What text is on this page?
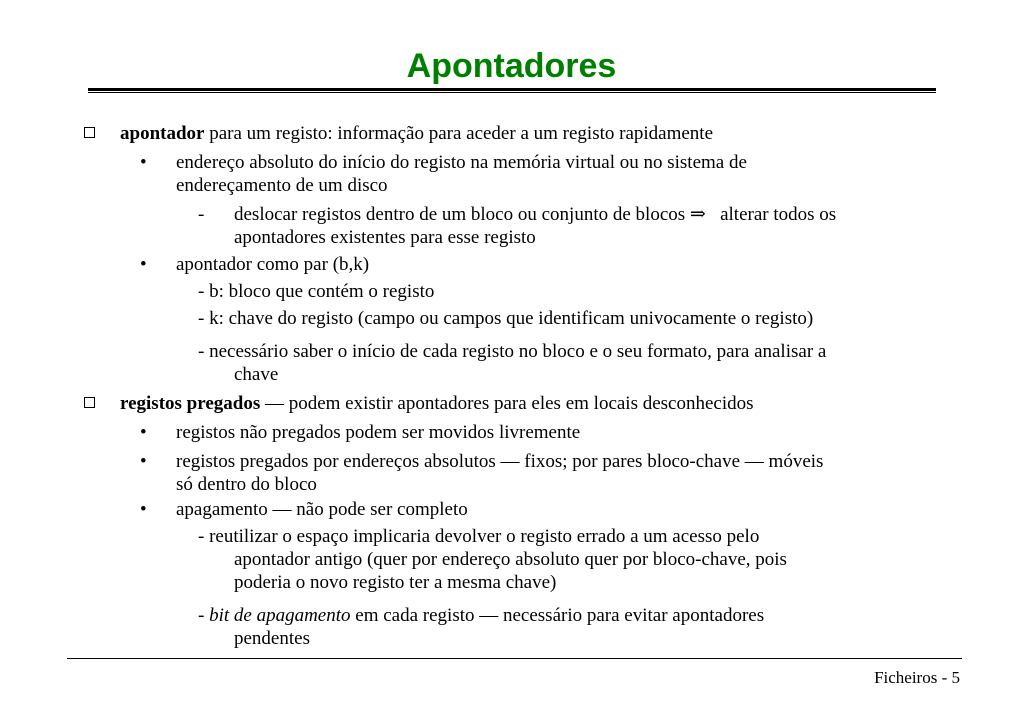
Apontadores
apontador para um registo: informação para aceder a um registo rapidamente
• endereço absoluto do início do registo na memória virtual ou no sistema de
endereçamento de um disco
- deslocar registos dentro de um bloco ou conjunto de blocos ⇒   alterar todos os
apontadores existentes para esse registo
• apontador como par (b,k)
- b: bloco que contém o registo
- k: chave do registo (campo ou campos que identificam univocamente o registo)
- necessário saber o início de cada registo no bloco e o seu formato, para analisar a
chave
registos pregados — podem existir apontadores para eles em locais desconhecidos
• registos não pregados podem ser movidos livremente
• registos pregados por endereços absolutos — fixos; por pares bloco-chave — móveis
só dentro do bloco
• apagamento — não pode ser completo
- reutilizar o espaço implicaria devolver o registo errado a um acesso pelo
apontador antigo (quer por endereço absoluto quer por bloco-chave, pois
poderia o novo registo ter a mesma chave)
- bit de apagamento em cada registo — necessário para evitar apontadores
pendentes
Ficheiros - 5
